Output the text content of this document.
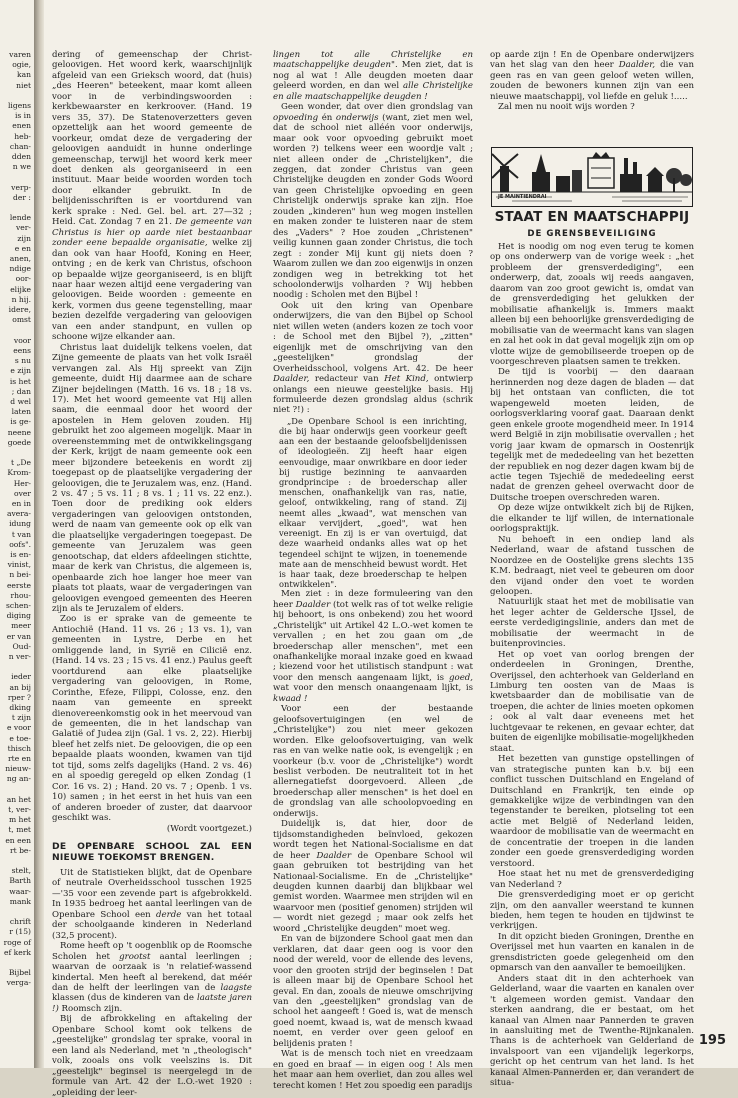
varen

ogie,

kan

niet

ligens

is in

enen

heb-

chan-

dden

n we

verp-

der :

lende

ver-

zijn

e en

anen,

ndige

oor-

elijke

n hij.

idere,

omst

voor

eens

s nu

e zijn

is het

; dan

d wel

laten

is ge-

neene

goede

t „De

Krom-

Her-

over

en in

avera-

idung

t van

oofs".

is en-

vinist,

n bei-

eerste

rhou-

schen-

diging

meer

er van

Oud-

n ver-

ieder

an bij

rper ?

dking

t zijn

e voor

e toe-

thisch

rte en

nieuw-

ng an-

an het

t, ver-

m het

t, met

en een

rt be-

stelt,

Barth

waar-

mank

chrift

r (15)

roge of

ef kerk

Bijbel

verga-

dering of gemeenschap der Christ-geloovigen. Het woord kerk, waarschijnlijk afgeleid van een Grieksch woord, dat (huis) „des Heeren" beteekent, maar komt alleen voor in de verbindingswoorden : kerkbewaarster en kerkroover. (Hand. 19 vers 35, 37). De Statenoverzetters geven opzettelijk aan het woord gemeente de voorkeur, omdat deze de vergadering der geloovigen aanduidt in hunne onderlinge gemeenschap, terwijl het woord kerk meer doet denken als georganiseerd in een instituut. Maar beide woorden worden toch door elkander gebruikt. In de belijdenisschriften is er voortdurend van kerk sprake : Ned. Gel. bel. art. 27—32 ; Heid. Cat. Zondag 7 en 21. De gemeente van Christus is hier op aarde niet bestaanbaar zonder eene bepaalde organisatie, welke zij dan ook van haar Hoofd, Koning en Heer, ontving ; en de kerk van Christus, ofschoon op bepaalde wijze georganiseerd, is en blijft naar haar wezen altijd eene vergadering van geloovigen. Beide woorden : gemeente en kerk, vormen dus geene tegenstelling, maar bezien dezelfde vergadering van geloovigen van een ander standpunt, en vullen op schoone wijze elkander aan.

Christus laat duidelijk telkens voelen, dat Zijne gemeente de plaats van het volk Israël vervangen zal. Als Hij spreekt van Zijn gemeente, duidt Hij daarmee aan de schare Zijner bejdelingen (Matth. 16 vs. 18 ; 18 vs. 17). Met het woord gemeente vat Hij allen saam, die eenmaal door het woord der apostelen in Hem geloven zouden. Hij gebruikt het zoo algemeen mogelijk. Maar in overeenstemming met de ontwikkelingsgang der Kerk, krijgt de naam gemeente ook een meer bijzondere beteekenis en wordt zij toegepast op de plaatselijke vergadering der geloovigen, die te Jeruzalem was, enz. (Hand. 2 vs. 47 ; 5 vs. 11 ; 8 vs. 1 ; 11 vs. 22 enz.). Toen door de prediking ook elders vergaderingen van geloovigen ontstonden, werd de naam van gemeente ook op elk van die plaatselijke vergaderingen toegepast. De gemeente van Jeruzalem was geen genootschap, dat elders afdeelingen stichtte, maar de kerk van Christus, die algemeen is, openbaarde zich hoe langer hoe meer van plaats tot plaats, waar de vergaderingen van geloovigen evengoed gemeenten des Heeren zijn als te Jeruzalem of elders.

Zoo is er sprake van de gemeente te Antiochië (Hand. 11 vs. 26 ; 13 vs. 1), van gemeenten in Lystre, Derbe en het omliggende land, in Syrië en Cilicië enz. (Hand. 14 vs. 23 ; 15 vs. 41 enz.) Paulus geeft voortdurend aan elke plaatselijke vergadering van geloovigen, in Rome, Corinthe, Efeze, Filippi, Colosse, enz. den naam van gemeente en spreekt dienovereenkomstig ook in het meervoud van de gemeenten, die in het landschap van Galatië of Judea zijn (Gal. 1 vs. 2, 22). Hierbij bleef het zelfs niet. De geloovigen, die op een bepaalde plaats woonden, kwamen van tijd tot tijd, soms zelfs dagelijks (Hand. 2 vs. 46) en al spoedig geregeld op elken Zondag (1 Cor. 16 vs. 2) ; Hand. 20 vs. 7 ; Openb. 1 vs. 10) samen ; in het eerst in het huis van een of anderen broeder of zuster, dat daarvoor geschikt was.

(Wordt voortgezet.)

DE OPENBARE SCHOOL ZAL EEN NIEUWE TOEKOMST BRENGEN.

Uit de Statistieken blijkt, dat de Openbare of neutrale Overheidsschool tusschen 1925—'35 voor een zevende part is afgebrokkeld. In 1935 bedroeg het aantal leerlingen van de Openbare School een derde van het totaal der schoolgaande kinderen in Nederland (32,5 procent).

Rome heeft op 't oogenblik op de Roomsche Scholen het grootst aantal leerlingen ; waarvan de oorzaak is 'n relatief-wassend kindertal. Men heeft al berekend, dat méér dan de helft der leerlingen van de laagste klassen (dus de kinderen van de laatste jaren !) Roomsch zijn.

Bij de afbrokkeling en aftakeling der Openbare School komt ook telkens de „geestelijke" grondslag ter sprake, vooral in een land als Nederland, met 'n „theologisch" volk, zooals ons volk veelszins is. Dit „geestelijk" beginsel is neergelegd in de formule van Art. 42 der L.O.-wet 1920 : „opleiding der leer-

lingen tot alle Christelijke en maatschappelijke deugden". Men ziet, dat is nog al wat ! Alle deugden moeten daar geleerd worden, en dan wel alle Christelijke en alle maatschappelijke deugden !

Geen wonder, dat over dien grondslag van opvoeding én onderwijs (want, ziet men wel, dat de school niet alléén voor onderwijs, maar ook voor opvoeding gebruikt moet worden ?) telkens weer een woordje valt ; niet alleen onder de „Christelijken", die zeggen, dat zonder Christus van geen Christelijke deugden en zonder Gods Woord van geen Christelijke opvoeding en geen Christelijk onderwijs sprake kan zijn. Hoe zouden „kinderen" hun weg mogen instellen en maken zonder te luisteren naar de stem des „Vaders" ? Hoe zouden „Christenen" veilig kunnen gaan zonder Christus, die toch zegt : zonder Mij kunt gij niets doen ? Waarom zullen we dan zoo eigenwijs in onzen zondigen weg in betrekking tot het schoolonderwijs volharden ? Wij hebben noodig : Scholen met den Bijbel !

Ook uit den kring van Openbare onderwijzers, die van den Bijbel op School niet willen weten (anders kozen ze toch voor : de School met den Bijbel ?), „zitten" eigenlijk met de omschrijving van den „geestelijken" grondslag der Overheidsschool, volgens Art. 42. De heer Daalder, redacteur van Het Kind, ontwierp onlangs een nieuwe geestelijke basis. Hij formuleerde dezen grondslag aldus (schrik niet ?!) :

„De Openbare School is een inrichting, die bij haar onderwijs geen voorkeur geeft aan een der bestaande geloofsbelijdenissen of ideologieën. Zij heeft haar eigen eenvoudige, maar onwrikbare en door ieder bij rustige bezinning te aanvaarden grondprincipe : de broederschap aller menschen, onafhankelijk van ras, natie, geloof, ontwikkeling, rang of stand. Zij neemt alles „kwaad", wat menschen van elkaar vervijdert, „goed", wat hen vereenigt. En zij is er van overtuigd, dat deze waarheid ondanks alles wat op het tegendeel schijnt te wijzen, in toenemende mate aan de menschheid bewust wordt. Het is haar taak, deze broederschap te helpen ontwikkelen".

Men ziet : in deze formuleering van den heer Daalder (tot welk ras of tot welke religie hij behoort, is ons onbekend) zou het woord „Christelijk" uit Artikel 42 L.O.-wet komen te vervallen ; en het zou gaan om „de broederschap aller menschen", met een onafhankelijke moraal inzake goed en kwaad ; kiezend voor het utilistisch standpunt : wat voor den mensch aangenaam lijkt, is goed, wat voor den mensch onaangenaam lijkt, is kwaad !

Voor een der bestaande geloofsovertuigingen (en wel de „Christelijke") zou niet meer gekozen worden. Elke geloofsovertuiging, van welk ras en van welke natie ook, is evengelijk ; en voorkeur (b.v. voor de „Christelijke") wordt beslist verboden. De neutraliteit tot in het allernegatiefst doorgevoerd. Alleen „de broederschap aller menschen" is het doel en de grondslag van alle schoolopvoeding en onderwijs.

Duidelijk is, dat hier, door de tijdsomstandigheden beïnvloed, gekozen wordt tegen het National-Socialisme en dat de heer Daalder de Openbare School wil gaan gebruiken tot bestrijding van het Nationaal-Socialisme. En de „Christelijke" deugden kunnen daarbij dan blijkbaar wel gemist worden. Waarmee men strijden wil en waarvoor men (positief genomen) strijden wil — wordt niet gezegd ; maar ook zelfs het woord „Christelijke deugden" moet weg.

En van de bijzondere School gaat men dan verklaren, dat daar geen oog is voor den nood der wereld, voor de ellende des levens, voor den grooten strijd der beginselen ! Dat is alleen maar bij de Openbare School het geval. En dan, zooals de nieuwe omschrijving van den „geestelijken" grondslag van de school het aangeeft ! Goed is, wat de mensch goed noemt, kwaad is, wat de mensch kwaad noemt, en verder over geen geloof en belijdenis praten !

Wat is de mensch toch niet en vreedzaam en goed en braaf — in eigen oog ! Als men het maar aan hem overliet, dan zou alles wel terecht komen ! Het zou spoedig een paradijs

op aarde zijn ! En de Openbare onderwijzers van het slag van den heer Daalder, die van geen ras en van geen geloof weten willen, zouden de bewoners kunnen zijn van een nieuwe maatschappij, vol liefde en geluk !.....

Zal men nu nooit wijs worden ?

JE MAINTIENDRAI
STAAT EN MAATSCHAPPIJ
DE GRENSBEVEILIGING

Het is noodig om nog even terug te komen op ons onderwerp van de vorige week : „het probleem der grensverdediging", een onderwerp, dat, zooals wij reeds aangaven, daarom van zoo groot gewicht is, omdat van de grensverdediging het gelukken der mobilisatie afhankelijk is. Immers maakt alleen bij een behoorlijke grensverdediging de mobilisatie van de weermacht kans van slagen en zal het ook in dat geval mogelijk zijn om op vlotte wijze de gemobiliseerde troepen op de voorgeschreven plaatsen samen te trekken.

De tijd is voorbij — den daaraan herinnerden nog deze dagen de bladen — dat bij het ontstaan van conflicten, die tot wapengeweld moeten leiden, de oorlogsverklaring vooraf gaat. Daaraan denkt geen enkele groote mogendheid meer. In 1914 werd België in zijn mobilisatie overvallen ; het vorig jaar kwam de opmarsch in Oostenrijk tegelijk met de mededeeling van het bezetten der republiek en nog dezer dagen kwam bij de actie tegen Tsjechië de mededeeling eerst nadat de grenzen geheel overwacht door de Duitsche troepen overschreden waren.

Op deze wijze ontwikkelt zich bij de Rijken, die elkander te lijf willen, de internationale oorlogspraktijk.

Nu behoeft in een ondiep land als Nederland, waar de afstand tusschen de Noordzee en de Oostelijke grens slechts 135 K.M. bedraagt, niet veel te gebeuren om door den vijand onder den voet te worden geloopen.

Natuurlijk staat het met de mobilisatie van het leger achter de Geldersche IJssel, de eerste verdedigingslinie, anders dan met de mobilisatie der weermacht in de buitenprovincies.

Het op voet van oorlog brengen der onderdeelen in Groningen, Drenthe, Overijssel, den achterhoek van Gelderland en Limburg ten oosten van de Maas is kwetsbaarder dan de mobilisatie van de troepen, die achter de linies moeten opkomen ; ook al valt daar eveneens met het luchtgevaar te rekenen, en gevaar echter, dat buiten de eigenlijke mobilisatie-mogelijkheden staat.

Het bezetten van gunstige opstellingen of van strategische punten kan b.v. bij een conflict tusschen Duitschland en Engeland of Duitschland en Frankrijk, ten einde op gemakkelijke wijze de verbindingen van den tegenstander te bereiken, plotseling tot een actie met België of Nederland leiden, waardoor de mobilisatie van de weermacht en de concentratie der troepen in die landen zonder een goede grensverdediging worden verstoord.

Hoe staat het nu met de grensverdediging van Nederland ?

Die grensverdediging moet er op gericht zijn, om den aanvaller weerstand te kunnen bieden, hem tegen te houden en tijdwinst te verkrijgen.

In dit opzicht bieden Groningen, Drenthe en Overijssel met hun vaarten en kanalen in de grensdistricten goede gelegenheid om den opmarsch van den aanvaller te bemoeilijken.

Anders staat dit in den achterhoek van Gelderland, waar die vaarten en kanalen over 't algemeen worden gemist. Vandaar den sterken aandrang, die er bestaat, om het kanaal van Almen naar Pannerden te graven in aansluiting met de Twenthe-Rijnkanalen. Thans is de achterhoek van Gelderland de invalspoort van een vijandelijk legerkorps, gericht op het centrum van het land. Is het kanaal Almen-Pannerden er, dan verandert de situa-

195
